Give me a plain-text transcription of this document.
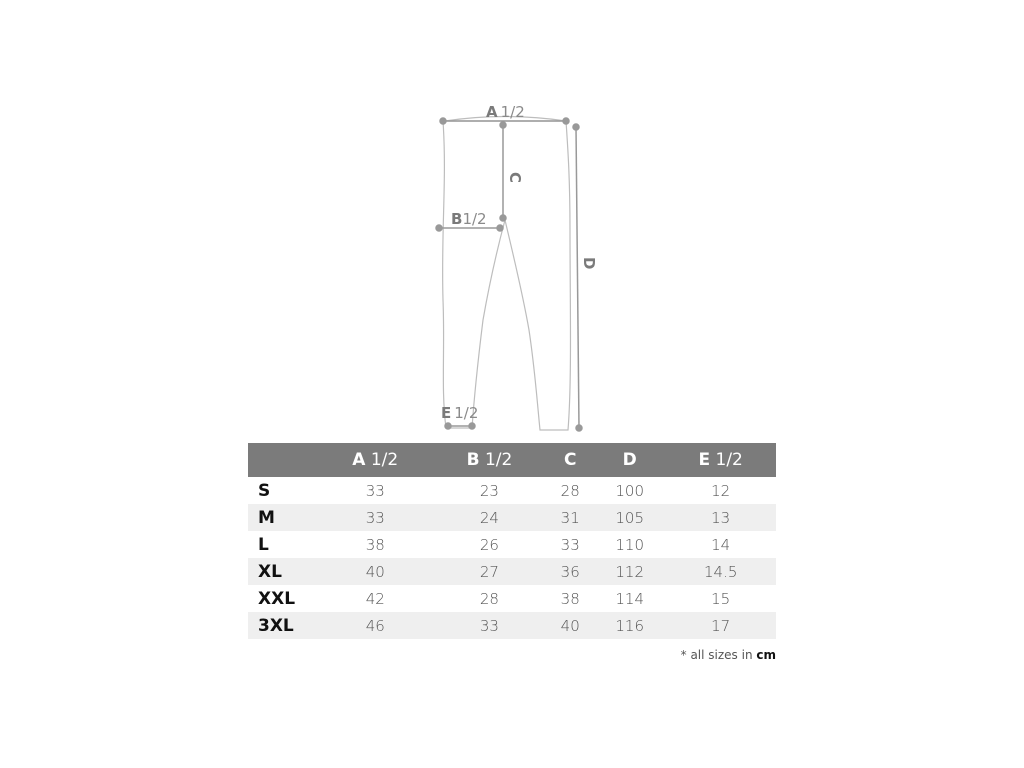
A 1/2
B1/2
C
D
E 1/2
	A 1/2	B 1/2	C	D	E 1/2
S	33	23	28	100	12
M	33	24	31	105	13
L	38	26	33	110	14
XL	40	27	36	112	14.5
XXL	42	28	38	114	15
3XL	46	33	40	116	17
* all sizes in cm
